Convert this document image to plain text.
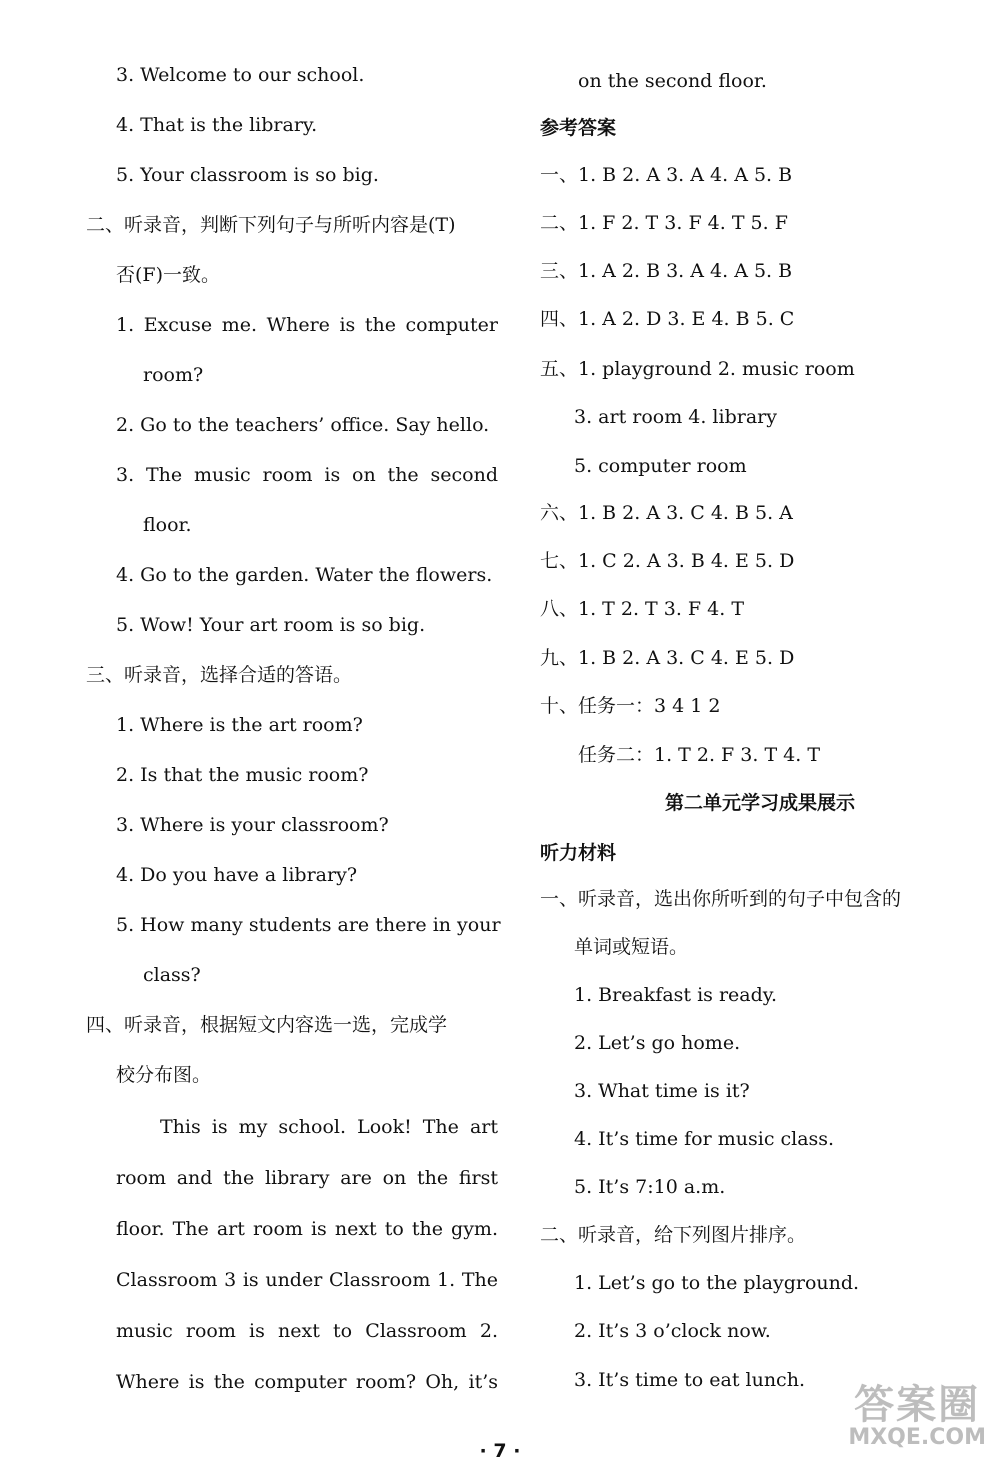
3. Welcome to our school.
4. That is the library.
5. Your classroom is so big.
二、听录音，判断下列句子与所听内容是(T)
否(F)一致。
1. Excuse me. Where is the computer
room?
2. Go to the teachers’ office. Say hello.
3. The music room is on the second
floor.
4. Go to the garden. Water the flowers.
5. Wow! Your art room is so big.
三、听录音，选择合适的答语。
1. Where is the art room?
2. Is that the music room?
3. Where is your classroom?
4. Do you have a library?
5. How many students are there in your
class?
四、听录音，根据短文内容选一选，完成学
校分布图。
This is my school. Look! The art
room and the library are on the first
floor. The art room is next to the gym.
Classroom 3 is under Classroom 1. The
music room is next to Classroom 2.
Where is the computer room? Oh, it’s
on the second floor.
参考答案
一、1. B 2. A 3. A 4. A 5. B
二、1. F 2. T 3. F 4. T 5. F
三、1. A 2. B 3. A 4. A 5. B
四、1. A 2. D 3. E 4. B 5. C
五、1. playground 2. music room
3. art room 4. library
5. computer room
六、1. B 2. A 3. C 4. B 5. A
七、1. C 2. A 3. B 4. E 5. D
八、1. T 2. T 3. F 4. T
九、1. B 2. A 3. C 4. E 5. D
十、任务一：3 4 1 2
任务二：1. T 2. F 3. T 4. T
第二单元学习成果展示
听力材料
一、听录音，选出你所听到的句子中包含的
单词或短语。
1. Breakfast is ready.
2. Let’s go home.
3. What time is it?
4. It’s time for music class.
5. It’s 7:10 a.m.
二、听录音，给下列图片排序。
1. Let’s go to the playground.
2. It’s 3 o’clock now.
3. It’s time to eat lunch.
· 7 ·
答案圈
MXQE.COM
